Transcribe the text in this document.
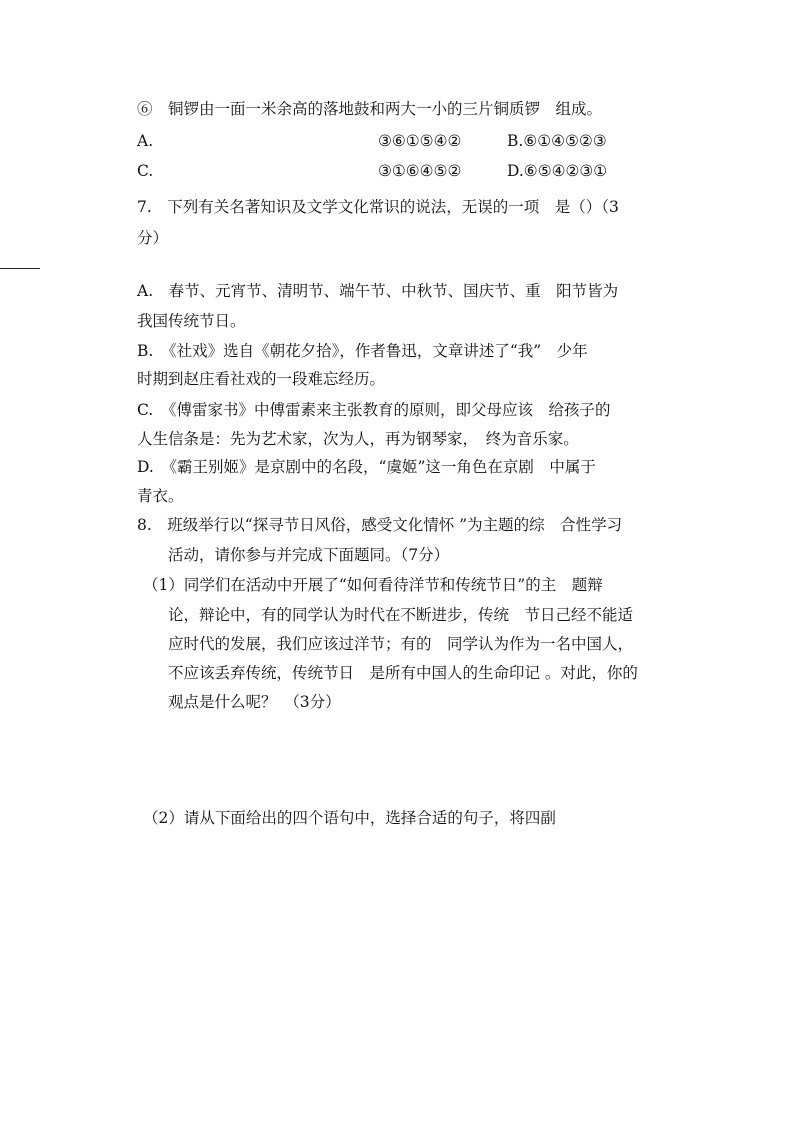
⑥　铜锣由一面一米余高的落地鼓和两大一小的三片铜质锣　组成。
A.	③⑥①⑤④②	B.⑥①④⑤②③
C.	③①⑥④⑤②	D.⑥⑤④②③①
7.　下列有关名著知识及文学文化常识的说法，无误的一项　是（）（3
分）
A.　春节、元宵节、清明节、端午节、中秋节、国庆节、重　阳节皆为
我国传统节日。
B.　《社戏》选自《朝花夕拾》，作者鲁迅，文章讲述了“我”　少年
时期到赵庄看社戏的一段难忘经历。
C.　《傅雷家书》中傅雷素来主张教育的原则，即父母应该　给孩子的
人生信条是：先为艺术家，次为人，再为钢琴家，　终为音乐家。
D.　《霸王别姬》是京剧中的名段，“虞姬”这一角色在京剧　中属于
青衣。
8.　班级举行以“探寻节日风俗，感受文化情怀 ”为主题的综　合性学习
活动，请你参与并完成下面题同。（7分）
（1）同学们在活动中开展了“如何看待洋节和传统节日”的主　题辩
论，辩论中，有的同学认为时代在不断进步，传统　节日己经不能适
应时代的发展，我们应该过洋节；有的　同学认为作为一名中国人，
不应该丢弃传统，传统节日　是所有中国人的生命印记 。对此，你的
观点是什么呢？　（3分）
（2）请从下面给出的四个语句中，选择合适的句子，将四副
